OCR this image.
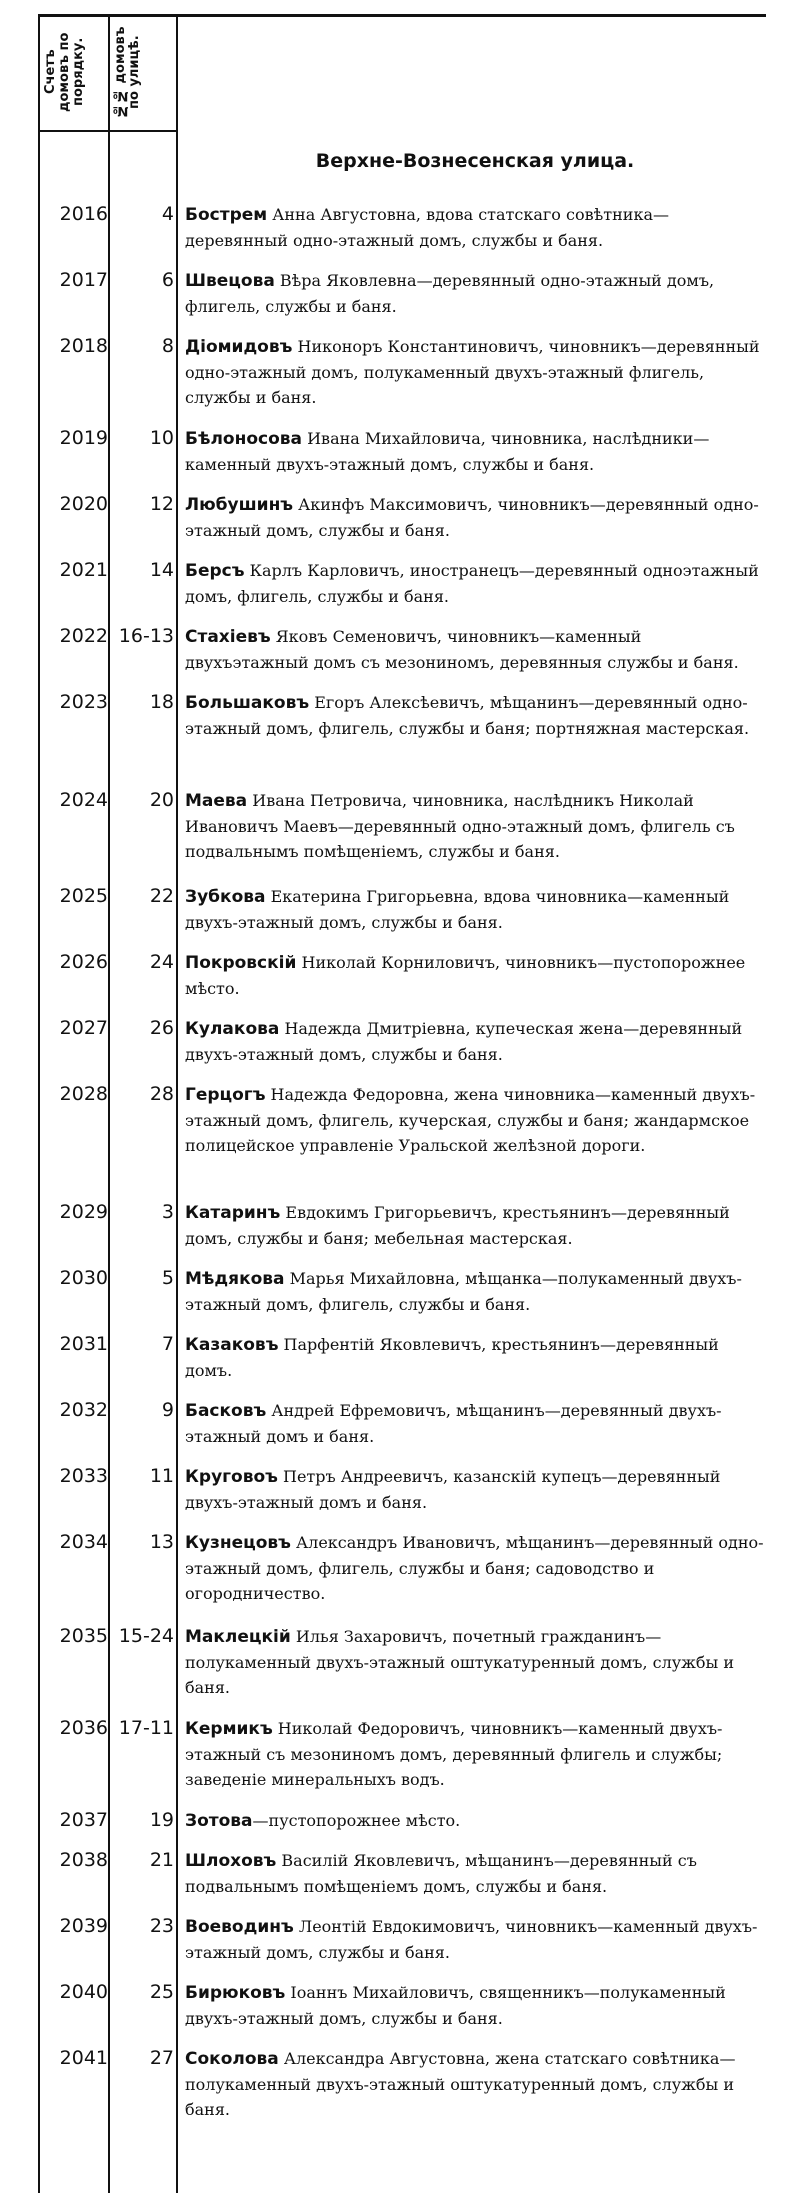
Счетъ домовъ по порядку.	№№ домовъ по улицѣ.
Верхне-Вознесенская улица.
2016	4 Бострем Анна Августовна, вдова статскаго совѣтника—деревянный одно-этажный домъ, службы и баня.
2017	6 Швецова Вѣра Яковлевна—деревянный одно-этажный домъ, флигель, службы и баня.
2018	8 Діомидовъ Никоноръ Константиновичъ, чиновникъ—деревянный одно-этажный домъ, полукаменный двухъ-этажный флигель, службы и баня.
2019	10 Бѣлоносова Ивана Михайловича, чиновника, наслѣдники—каменный двухъ-этажный домъ, службы и баня.
2020	12 Любушинъ Акинфъ Максимовичъ, чиновникъ—деревянный одно-этажный домъ, службы и баня.
2021	14 Берсъ Карлъ Карловичъ, иностранецъ—деревянный одноэтажный домъ, флигель, службы и баня.
2022 16-13 Стахіевъ Яковъ Семеновичъ, чиновникъ—каменный двухъэтажный домъ съ мезониномъ, деревянныя службы и баня.
2023	18 Большаковъ Егоръ Алексѣевичъ, мѣщанинъ—деревянный одно-этажный домъ, флигель, службы и баня; портняжная мастерская.
2024	20 Маева Ивана Петровича, чиновника, наслѣдникъ Николай Ивановичъ Маевъ—деревянный одно-этажный домъ, флигель съ подвальнымъ помѣщеніемъ, службы и баня.
2025	22 Зубкова Екатерина Григорьевна, вдова чиновника—каменный двухъ-этажный домъ, службы и баня.
2026	24 Покровскій Николай Корниловичъ, чиновникъ—пустопорожнее мѣсто.
2027	26 Кулакова Надежда Дмитріевна, купеческая жена—деревянный двухъ-этажный домъ, службы и баня.
2028	28 Герцогъ Надежда Федоровна, жена чиновника—каменный двухъ-этажный домъ, флигель, кучерская, службы и баня; жандармское полицейское управленіе Уральской желѣзной дороги.
2029	3 Катаринъ Евдокимъ Григорьевичъ, крестьянинъ—деревянный домъ, службы и баня; мебельная мастерская.
2030	5 Мѣдякова Марья Михайловна, мѣщанка—полукаменный двухъ-этажный домъ, флигель, службы и баня.
2031	7 Казаковъ Парфентій Яковлевичъ, крестьянинъ—деревянный домъ.
2032	9 Басковъ Андрей Ефремовичъ, мѣщанинъ—деревянный двухъ-этажный домъ и баня.
2033	11 Круговоъ Петръ Андреевичъ, казанскій купецъ—деревянный двухъ-этажный домъ и баня.
2034	13 Кузнецовъ Александръ Ивановичъ, мѣщанинъ—деревянный одно-этажный домъ, флигель, службы и баня; садоводство и огородничество.
2035 15-24 Маклецкій Илья Захаровичъ, почетный гражданинъ—полукаменный двухъ-этажный оштукатуренный домъ, службы и баня.
2036 17-11 Кермикъ Николай Федоровичъ, чиновникъ—каменный двухъ-этажный съ мезониномъ домъ, деревянный флигель и службы; заведеніе минеральныхъ водъ.
2037	19 Зотова—пустопорожнее мѣсто.
2038	21 Шлоховъ Василій Яковлевичъ, мѣщанинъ—деревянный съ подвальнымъ помѣщеніемъ домъ, службы и баня.
2039	23 Воеводинъ Леонтій Евдокимовичъ, чиновникъ—каменный двухъ-этажный домъ, службы и баня.
2040	25 Бирюковъ Іоаннъ Михайловичъ, священникъ—полукаменный двухъ-этажный домъ, службы и баня.
2041	27 Соколова Александра Августовна, жена статскаго совѣтника—полукаменный двухъ-этажный оштукатуренный домъ, службы и баня.
